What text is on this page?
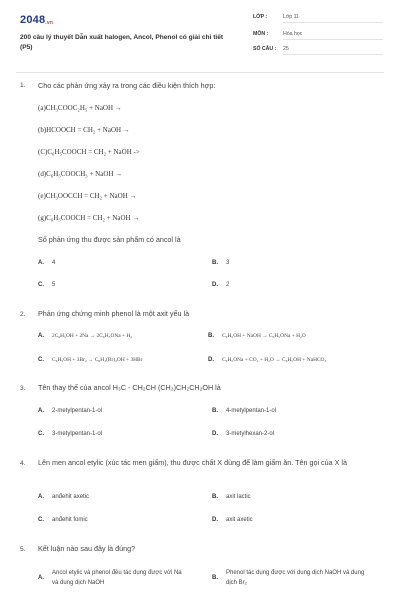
2048.vn
200 câu lý thuyết Dẫn xuất halogen, Ancol, Phenol có giải chi tiết (P5)
LỚP :	Lớp 11
MÔN :	Hóa học
SỐ CÂU : 25
1. Cho các phản ứng xảy ra trong các điều kiện thích hợp:
(a)CH₃COOC₂H₅ + NaOH →
(b)HCOOCH = CH₂ + NaOH →
(C)C₆H₅COOCH = CH₂ + NaOH ->
(d)C₆H₅COOCH₃ + NaOH →
(e)CH₃OOCCH = CH₂ + NaOH →
(g)C₆H₅COOCH = CH₂ + NaOH →
Số phản ứng thu được sản phẩm có ancol là
A. 4	B. 3
C. 5	D. 2
2. Phản ứng chứng minh phenol là một axit yếu là
A. 2C₆H₅OH + 2Na → 2C₆H₅ONa + H₂	B. C₆H₅OH + NaOH → C₆H₅ONa + H₂O
C. C₆H₅OH + 3Br₂ → C₆H₂(Br)₃OH + 3HBr	D. C₆H₅ONa + CO₂ + H₂O → C₆H₅OH + NaHCO₃
3. Tên thay thế của ancol H₃C - CH₂CH (CH₃)CH₂CH₂OH là
A. 2-metylpentan-1-ol	B. 4-metylpentan-1-ol
C. 3-metylpentan-1-ol	D. 3-metylhexan-2-ol
4. Lên men ancol etylic (xúc tác men giấm), thu được chất X dùng để làm giấm ăn. Tên gọi của X là
A. anđehit axetic	B. axit lactic
C. anđehit fomic	D. axit axetic
5. Kết luận nào sau đây là đúng?
A.
Ancol etylic và phenol đều tác dụng được với Na và dung dịch NaOH
B.
Phenol tác dụng được với dung dịch NaOH và dung dịch Br₂
